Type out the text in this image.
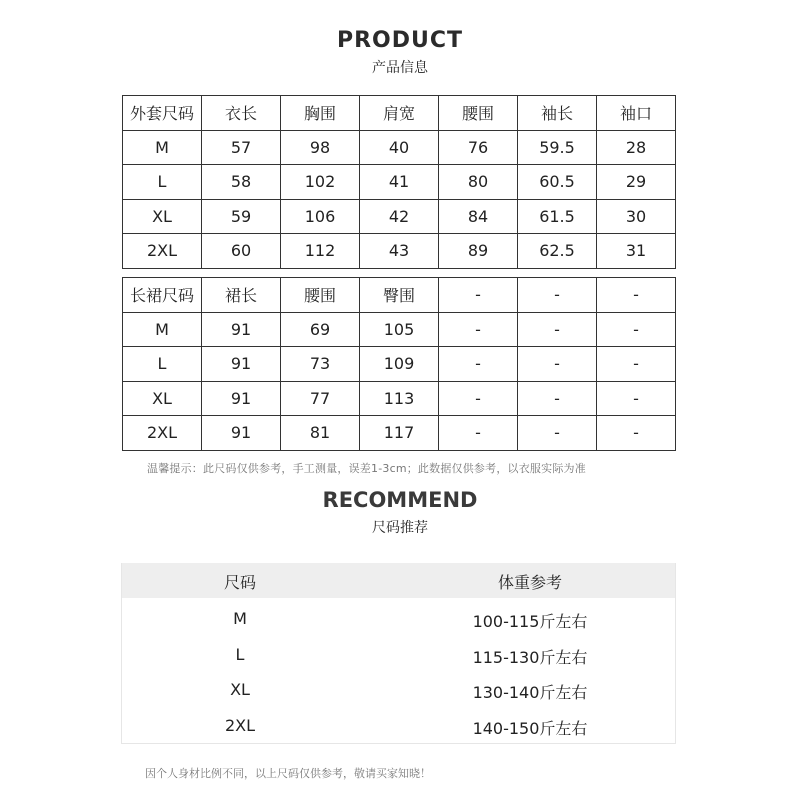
PRODUCT
产品信息
外套尺码	衣长	胸围	肩宽	腰围	袖长	袖口
M	57	98	40	76	59.5	28
L	58	102	41	80	60.5	29
XL	59	106	42	84	61.5	30
2XL	60	112	43	89	62.5	31
长裙尺码	裙长	腰围	臀围	-	-	-
M	91	69	105	-	-	-
L	91	73	109	-	-	-
XL	91	77	113	-	-	-
2XL	91	81	117	-	-	-
温馨提示：此尺码仅供参考，手工测量，误差1-3cm；此数据仅供参考，以衣服实际为准
RECOMMEND
尺码推荐
尺码	体重参考
M	100-115斤左右
L	115-130斤左右
XL	130-140斤左右
2XL	140-150斤左右
因个人身材比例不同，以上尺码仅供参考，敬请买家知晓！
